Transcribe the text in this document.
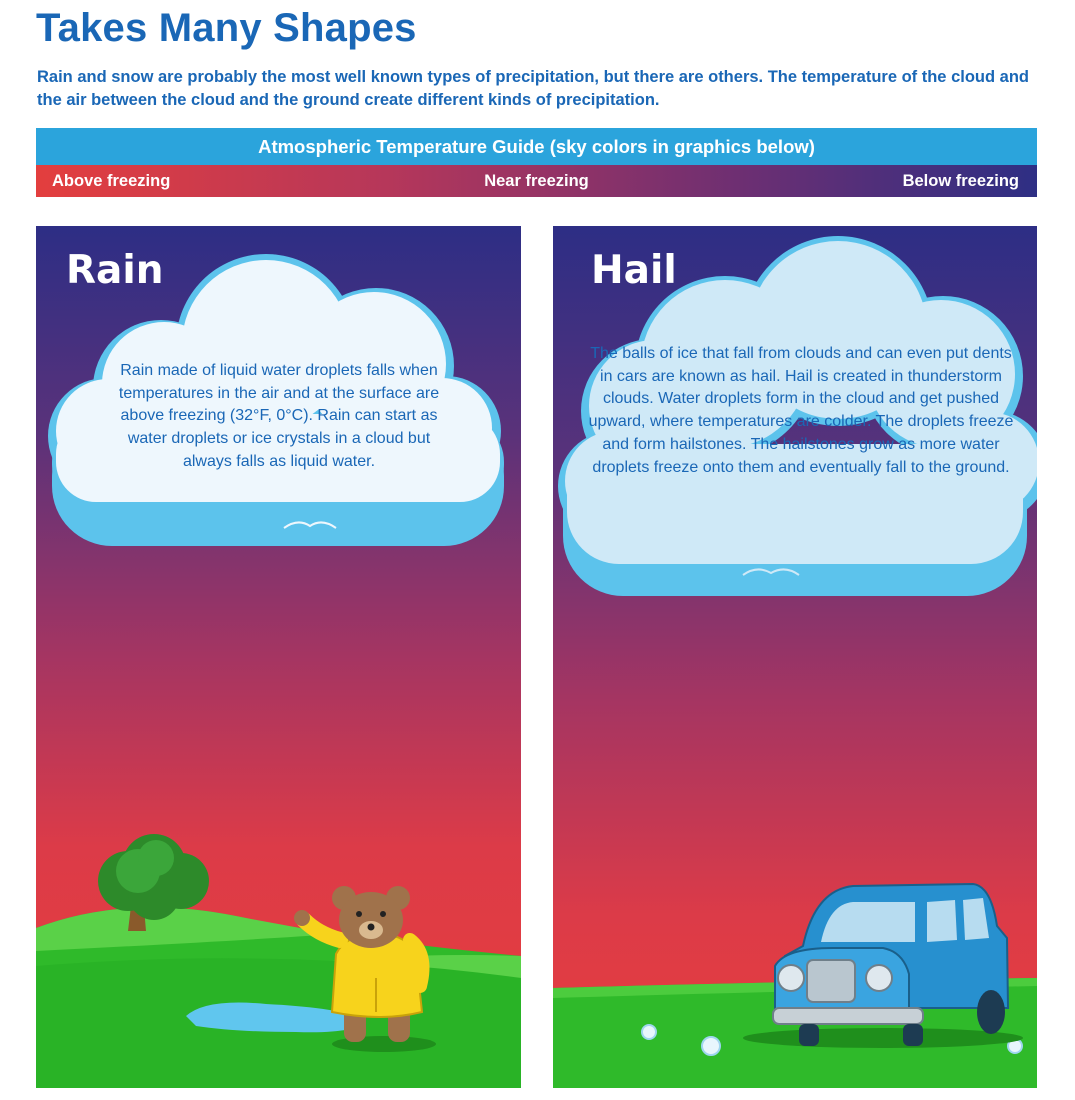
Takes Many Shapes

Rain and snow are probably the most well known types of precipitation, but there are others. The temperature of the cloud and the air between the cloud and the ground create different kinds of precipitation.

Atmospheric Temperature Guide (sky colors in graphics below)
Near freezing
Above freezing	Below freezing
Rain

Rain made of liquid water droplets falls when temperatures in the air and at the surface are above freezing (32°F, 0°C). Rain can start as water droplets or ice crystals in a cloud but always falls as liquid water.

Hail

The balls of ice that fall from clouds and can even put dents in cars are known as hail. Hail is created in thunderstorm clouds. Water droplets form in the cloud and get pushed upward, where temperatures are colder. The droplets freeze and form hailstones. The hailstones grow as more water droplets freeze onto them and eventually fall to the ground.
